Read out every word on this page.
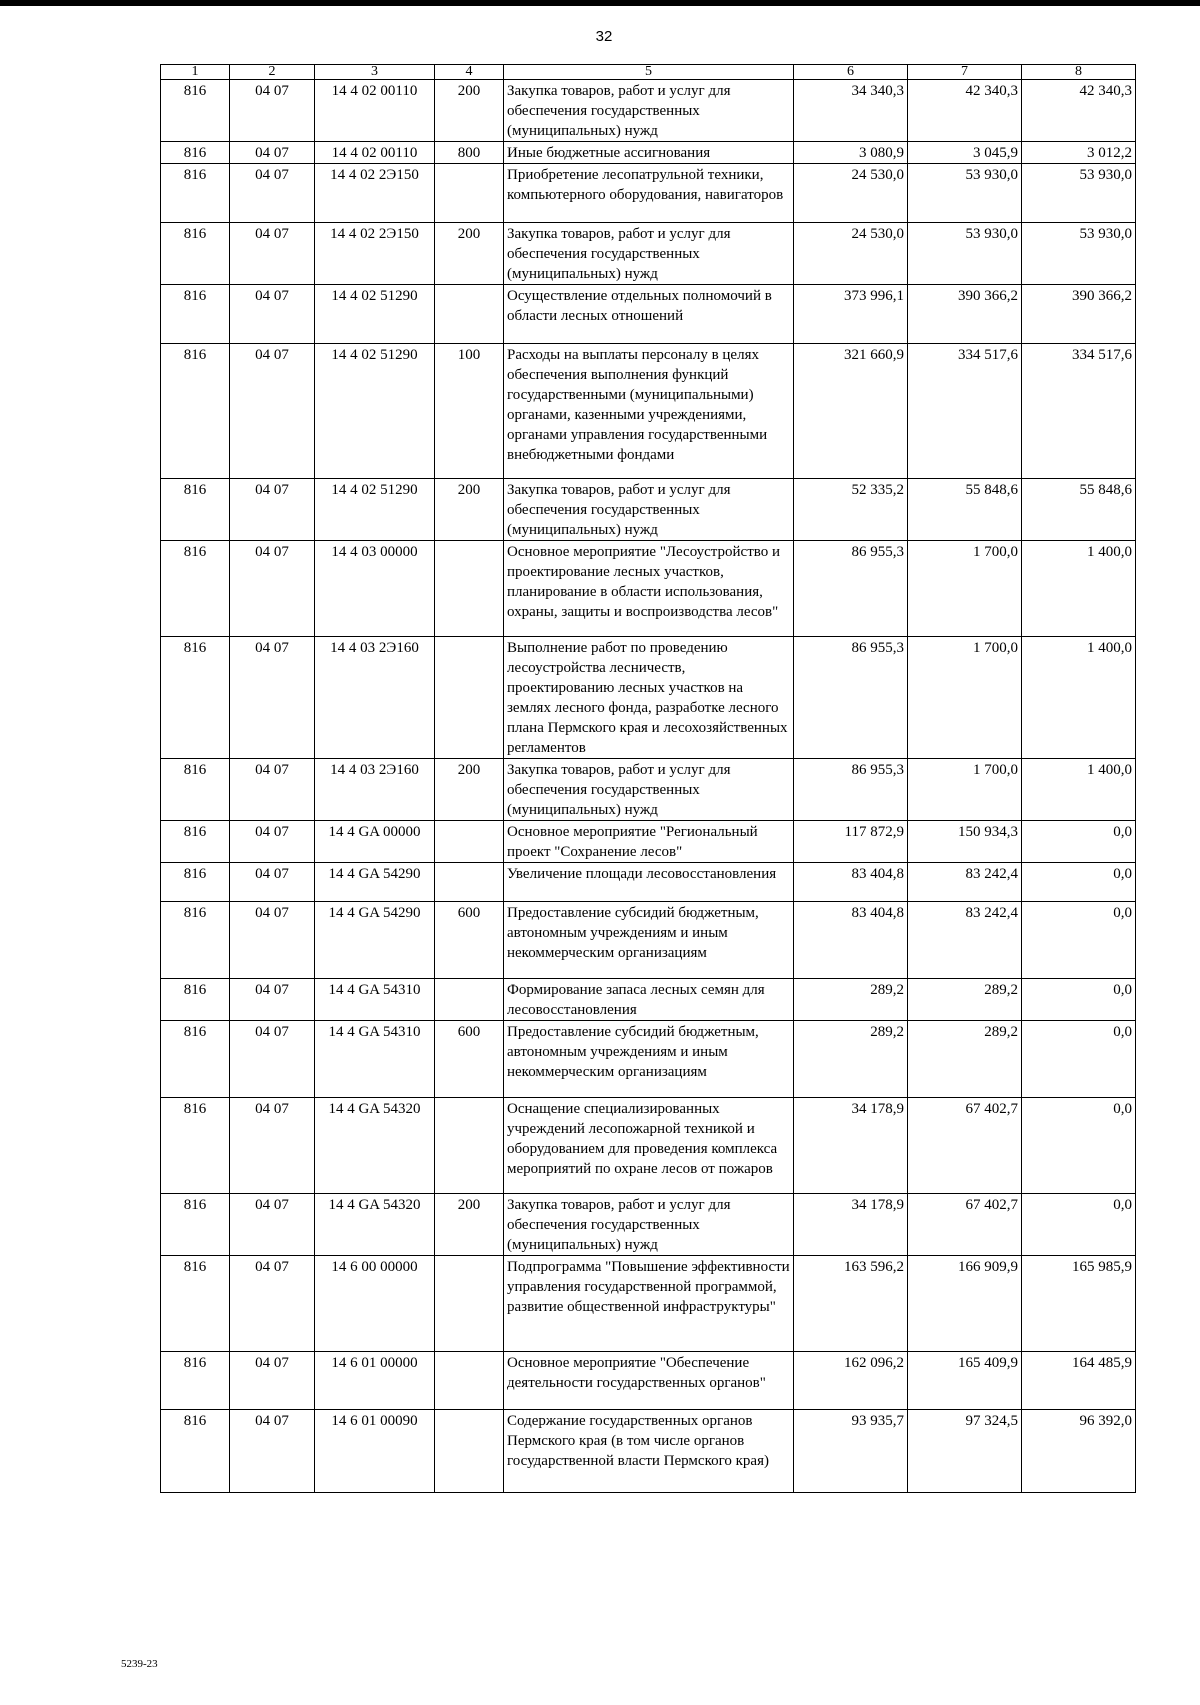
32
1	2	3	4	5	6	7	8
816	04 07	14 4 02 00110	200	Закупка товаров, работ и услуг для обеспечения государственных (муниципальных) нужд	34 340,3	42 340,3	42 340,3
816	04 07	14 4 02 00110	800	Иные бюджетные ассигнования	3 080,9	3 045,9	3 012,2
816	04 07	14 4 02 2Э150		Приобретение лесопатрульной техники, компьютерного оборудования, навигаторов	24 530,0	53 930,0	53 930,0
816	04 07	14 4 02 2Э150	200	Закупка товаров, работ и услуг для обеспечения государственных (муниципальных) нужд	24 530,0	53 930,0	53 930,0
816	04 07	14 4 02 51290		Осуществление отдельных полномочий в области лесных отношений	373 996,1	390 366,2	390 366,2
816	04 07	14 4 02 51290	100	Расходы на выплаты персоналу в целях обеспечения выполнения функций государственными (муниципальными) органами, казенными учреждениями, органами управления государственными внебюджетными фондами	321 660,9	334 517,6	334 517,6
816	04 07	14 4 02 51290	200	Закупка товаров, работ и услуг для обеспечения государственных (муниципальных) нужд	52 335,2	55 848,6	55 848,6
816	04 07	14 4 03 00000		Основное мероприятие "Лесоустройство и проектирование лесных участков, планирование в области использования, охраны, защиты и воспроизводства лесов"	86 955,3	1 700,0	1 400,0
816	04 07	14 4 03 2Э160		Выполнение работ по проведению лесоустройства лесничеств, проектированию лесных участков на землях лесного фонда, разработке лесного плана Пермского края и лесохозяйственных регламентов	86 955,3	1 700,0	1 400,0
816	04 07	14 4 03 2Э160	200	Закупка товаров, работ и услуг для обеспечения государственных (муниципальных) нужд	86 955,3	1 700,0	1 400,0
816	04 07	14 4 GA 00000		Основное мероприятие "Региональный проект "Сохранение лесов"	117 872,9	150 934,3	0,0
816	04 07	14 4 GA 54290		Увеличение площади лесовосстановления	83 404,8	83 242,4	0,0
816	04 07	14 4 GA 54290	600	Предоставление субсидий бюджетным, автономным учреждениям и иным некоммерческим организациям	83 404,8	83 242,4	0,0
816	04 07	14 4 GA 54310		Формирование запаса лесных семян для лесовосстановления	289,2	289,2	0,0
816	04 07	14 4 GA 54310	600	Предоставление субсидий бюджетным, автономным учреждениям и иным некоммерческим организациям	289,2	289,2	0,0
816	04 07	14 4 GA 54320		Оснащение специализированных учреждений лесопожарной техникой и оборудованием для проведения комплекса мероприятий по охране лесов от пожаров	34 178,9	67 402,7	0,0
816	04 07	14 4 GA 54320	200	Закупка товаров, работ и услуг для обеспечения государственных (муниципальных) нужд	34 178,9	67 402,7	0,0
816	04 07	14 6 00 00000		Подпрограмма "Повышение эффективности управления государственной программой, развитие общественной инфраструктуры"	163 596,2	166 909,9	165 985,9
816	04 07	14 6 01 00000		Основное мероприятие "Обеспечение деятельности государственных органов"	162 096,2	165 409,9	164 485,9
816	04 07	14 6 01 00090		Содержание государственных органов Пермского края (в том числе органов государственной власти Пермского края)	93 935,7	97 324,5	96 392,0
5239-23
